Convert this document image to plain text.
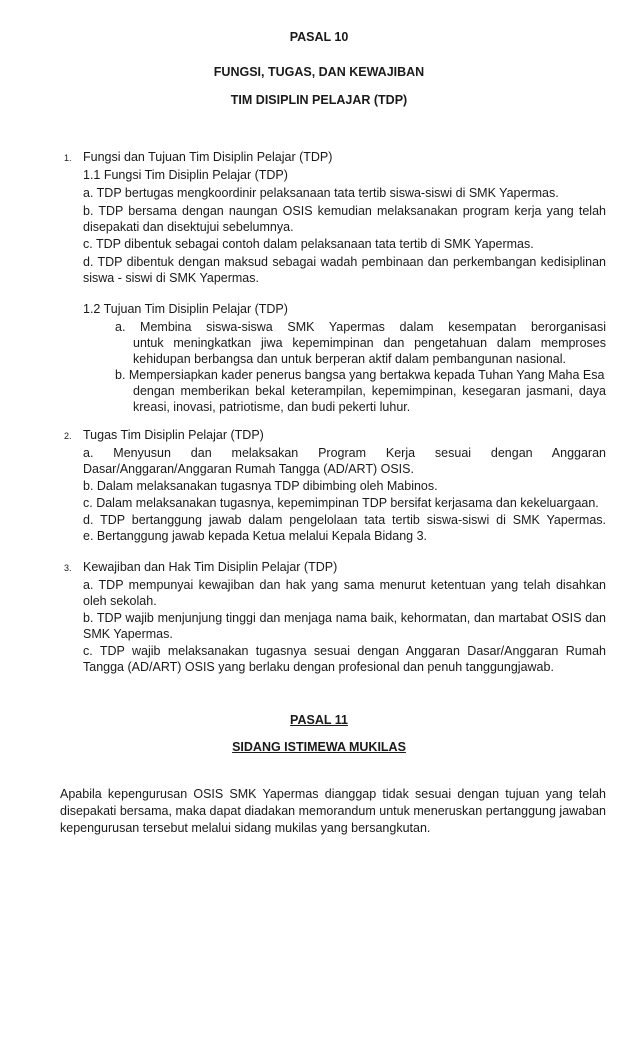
PASAL 10
FUNGSI, TUGAS, DAN KEWAJIBAN
TIM DISIPLIN PELAJAR (TDP)
1. Fungsi dan Tujuan Tim Disiplin Pelajar (TDP)
1.1 Fungsi Tim Disiplin Pelajar (TDP)
a. TDP bertugas mengkoordinir pelaksanaan tata tertib siswa-siswi di SMK Yapermas.
b. TDP bersama dengan naungan OSIS kemudian melaksanakan program kerja yang telah
disepakati dan disektujui sebelumnya.
c. TDP dibentuk sebagai contoh dalam pelaksanaan tata tertib di SMK Yapermas.
d. TDP dibentuk dengan maksud sebagai wadah pembinaan dan perkembangan kedisiplinan
siswa - siswi di SMK Yapermas.
1.2 Tujuan Tim Disiplin Pelajar (TDP)
a. Membina siswa-siswa SMK Yapermas dalam kesempatan berorganisasi
untuk meningkatkan jiwa kepemimpinan dan pengetahuan dalam memproses
kehidupan berbangsa dan untuk berperan aktif dalam pembangunan nasional.
b. Mempersiapkan kader penerus bangsa yang bertakwa kepada Tuhan Yang Maha Esa
dengan memberikan bekal keterampilan, kepemimpinan, kesegaran jasmani, daya
kreasi, inovasi, patriotisme, dan budi pekerti luhur.
2. Tugas Tim Disiplin Pelajar (TDP)
a. Menyusun dan melaksakan Program Kerja sesuai dengan Anggaran
Dasar/Anggaran/Anggaran Rumah Tangga (AD/ART) OSIS.
b. Dalam melaksanakan tugasnya TDP dibimbing oleh Mabinos.
c. Dalam melaksanakan tugasnya, kepemimpinan TDP bersifat kerjasama dan kekeluargaan.
d. TDP bertanggung jawab dalam pengelolaan tata tertib siswa-siswi di SMK Yapermas.
e. Bertanggung jawab kepada Ketua melalui Kepala Bidang 3.
3. Kewajiban dan Hak Tim Disiplin Pelajar (TDP)
a. TDP mempunyai kewajiban dan hak yang sama menurut ketentuan yang telah disahkan
oleh sekolah.
b. TDP wajib menjunjung tinggi dan menjaga nama baik, kehormatan, dan martabat OSIS dan
SMK Yapermas.
c. TDP wajib melaksanakan tugasnya sesuai dengan Anggaran Dasar/Anggaran Rumah
Tangga (AD/ART) OSIS yang berlaku dengan profesional dan penuh tanggungjawab.
PASAL 11
SIDANG ISTIMEWA MUKILAS
Apabila kepengurusan OSIS SMK Yapermas dianggap tidak sesuai dengan tujuan yang telah
disepakati bersama, maka dapat diadakan memorandum untuk meneruskan pertanggung jawaban
kepengurusan tersebut melalui sidang mukilas yang bersangkutan.
